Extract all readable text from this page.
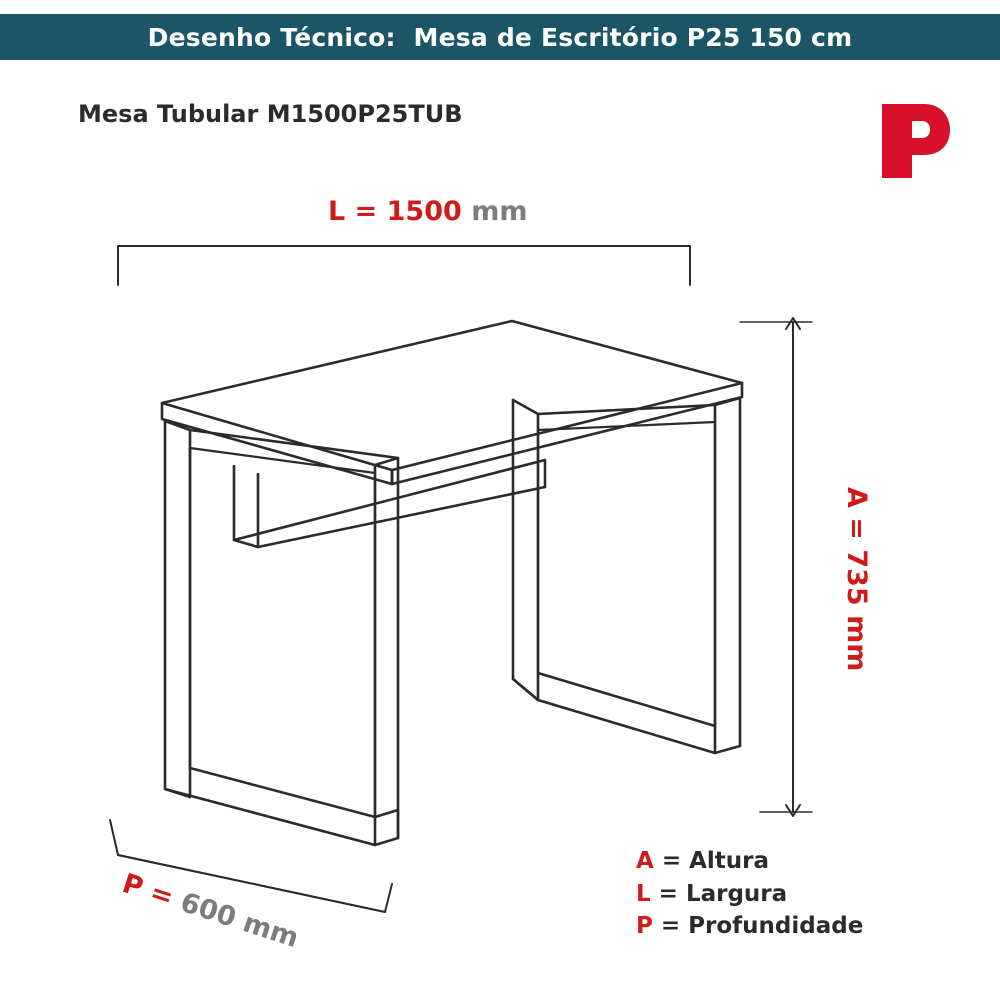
Desenho Técnico:  Mesa de Escritório P25 150 cm
Mesa Tubular M1500P25TUB
L = 1500 mm
P = 600 mm
A = 735 mm
A = Altura
L = Largura
P = Profundidade
